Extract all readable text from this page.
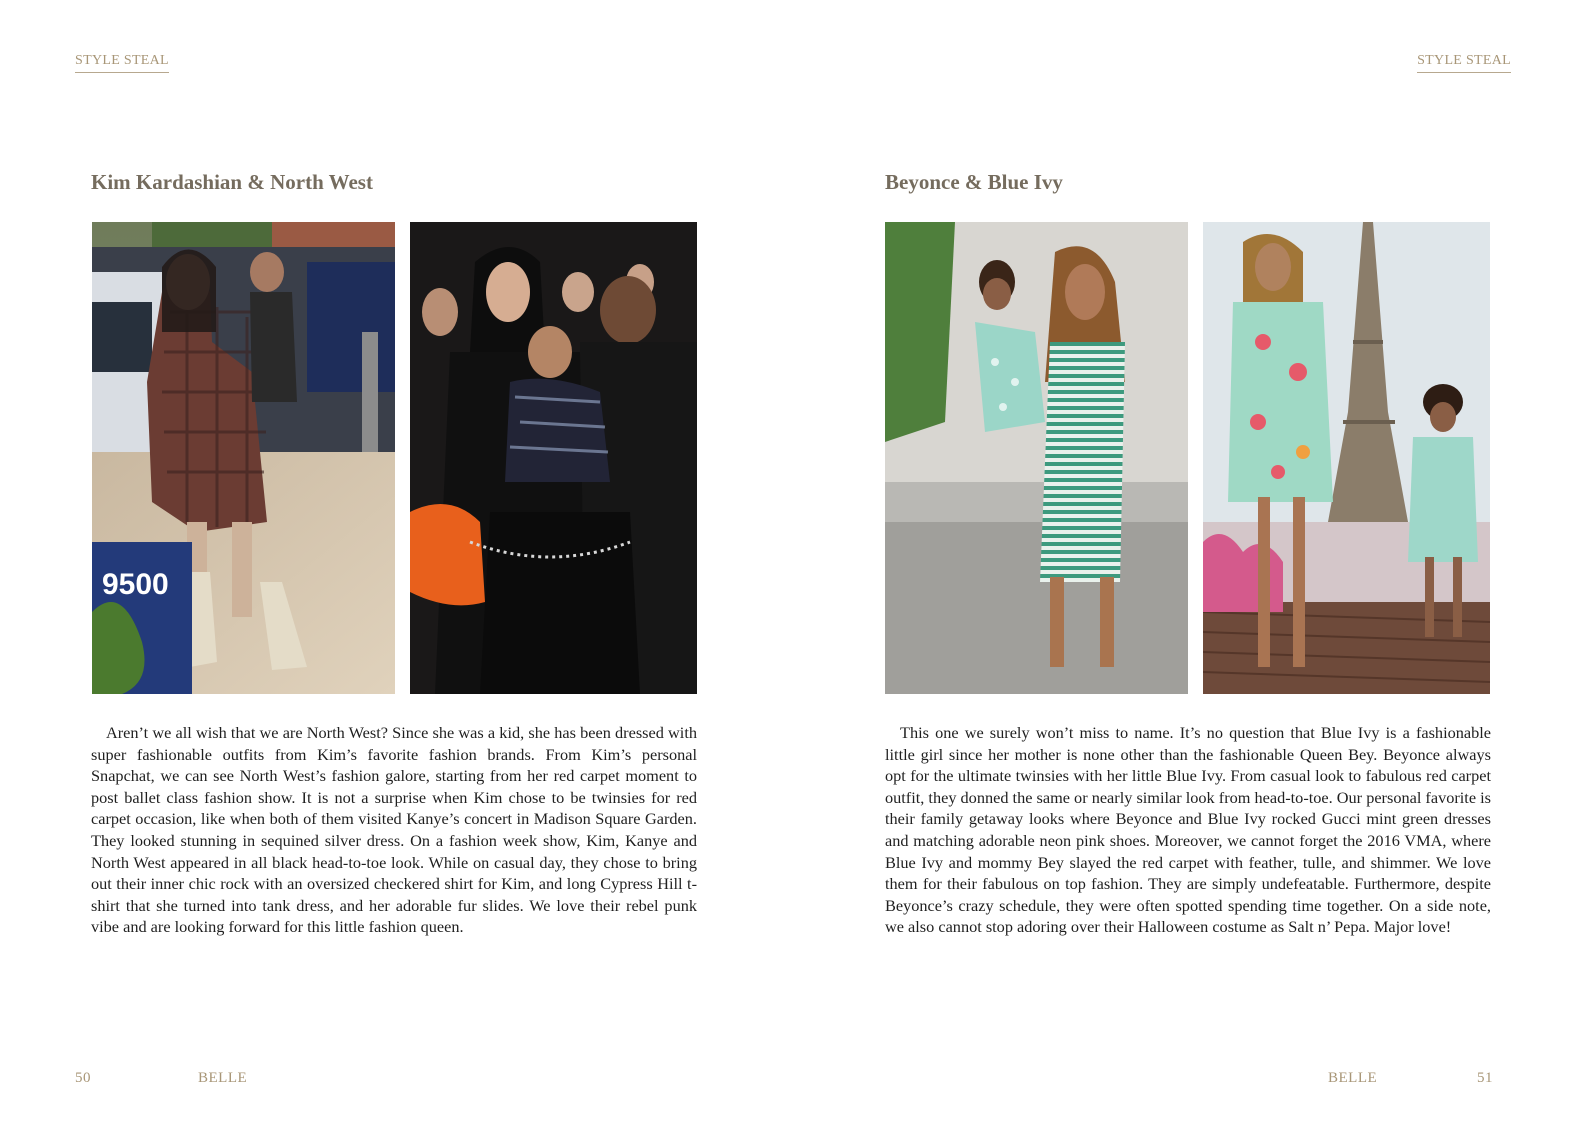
STYLE STEAL
Kim Kardashian & North West
9500

Aren’t we all wish that we are North West? Since she was a kid, she has been dressed with super fashionable outfits from Kim’s favorite fashion brands. From Kim’s personal Snapchat, we can see North West’s fashion galore, starting from her red carpet moment to post ballet class fashion show. It is not a surprise when Kim chose to be twinsies for red carpet occasion, like when both of them visited Kanye’s concert in Madison Square Garden. They looked stunning in sequined silver dress. On a fashion week show, Kim, Kanye and North West appeared in all black head-to-toe look. While on casual day, they chose to bring out their inner chic rock with an oversized checkered shirt for Kim, and long Cypress Hill t-shirt that she turned into tank dress, and her adorable fur slides. We love their rebel punk vibe and are looking forward for this little fashion queen.

50	BELLE
STYLE STEAL
Beyonce & Blue Ivy

This one we surely won’t miss to name. It’s no question that Blue Ivy is a fashionable little girl since her mother is none other than the fashionable Queen Bey. Beyonce always opt for the ultimate twinsies with her little Blue Ivy. From casual look to fabulous red carpet outfit, they donned the same or nearly similar look from head-to-toe. Our personal favorite is their family getaway looks where Beyonce and Blue Ivy rocked Gucci mint green dresses and matching adorable neon pink shoes. Moreover, we cannot forget the 2016 VMA, where Blue Ivy and mommy Bey slayed the red carpet with feather, tulle, and shimmer. We love them for their fabulous on top fashion. They are simply undefeatable. Furthermore, despite Beyonce’s crazy schedule, they were often spotted spending time together. On a side note, we also cannot stop adoring over their Halloween costume as Salt n’ Pepa. Major love!

BELLE	51
